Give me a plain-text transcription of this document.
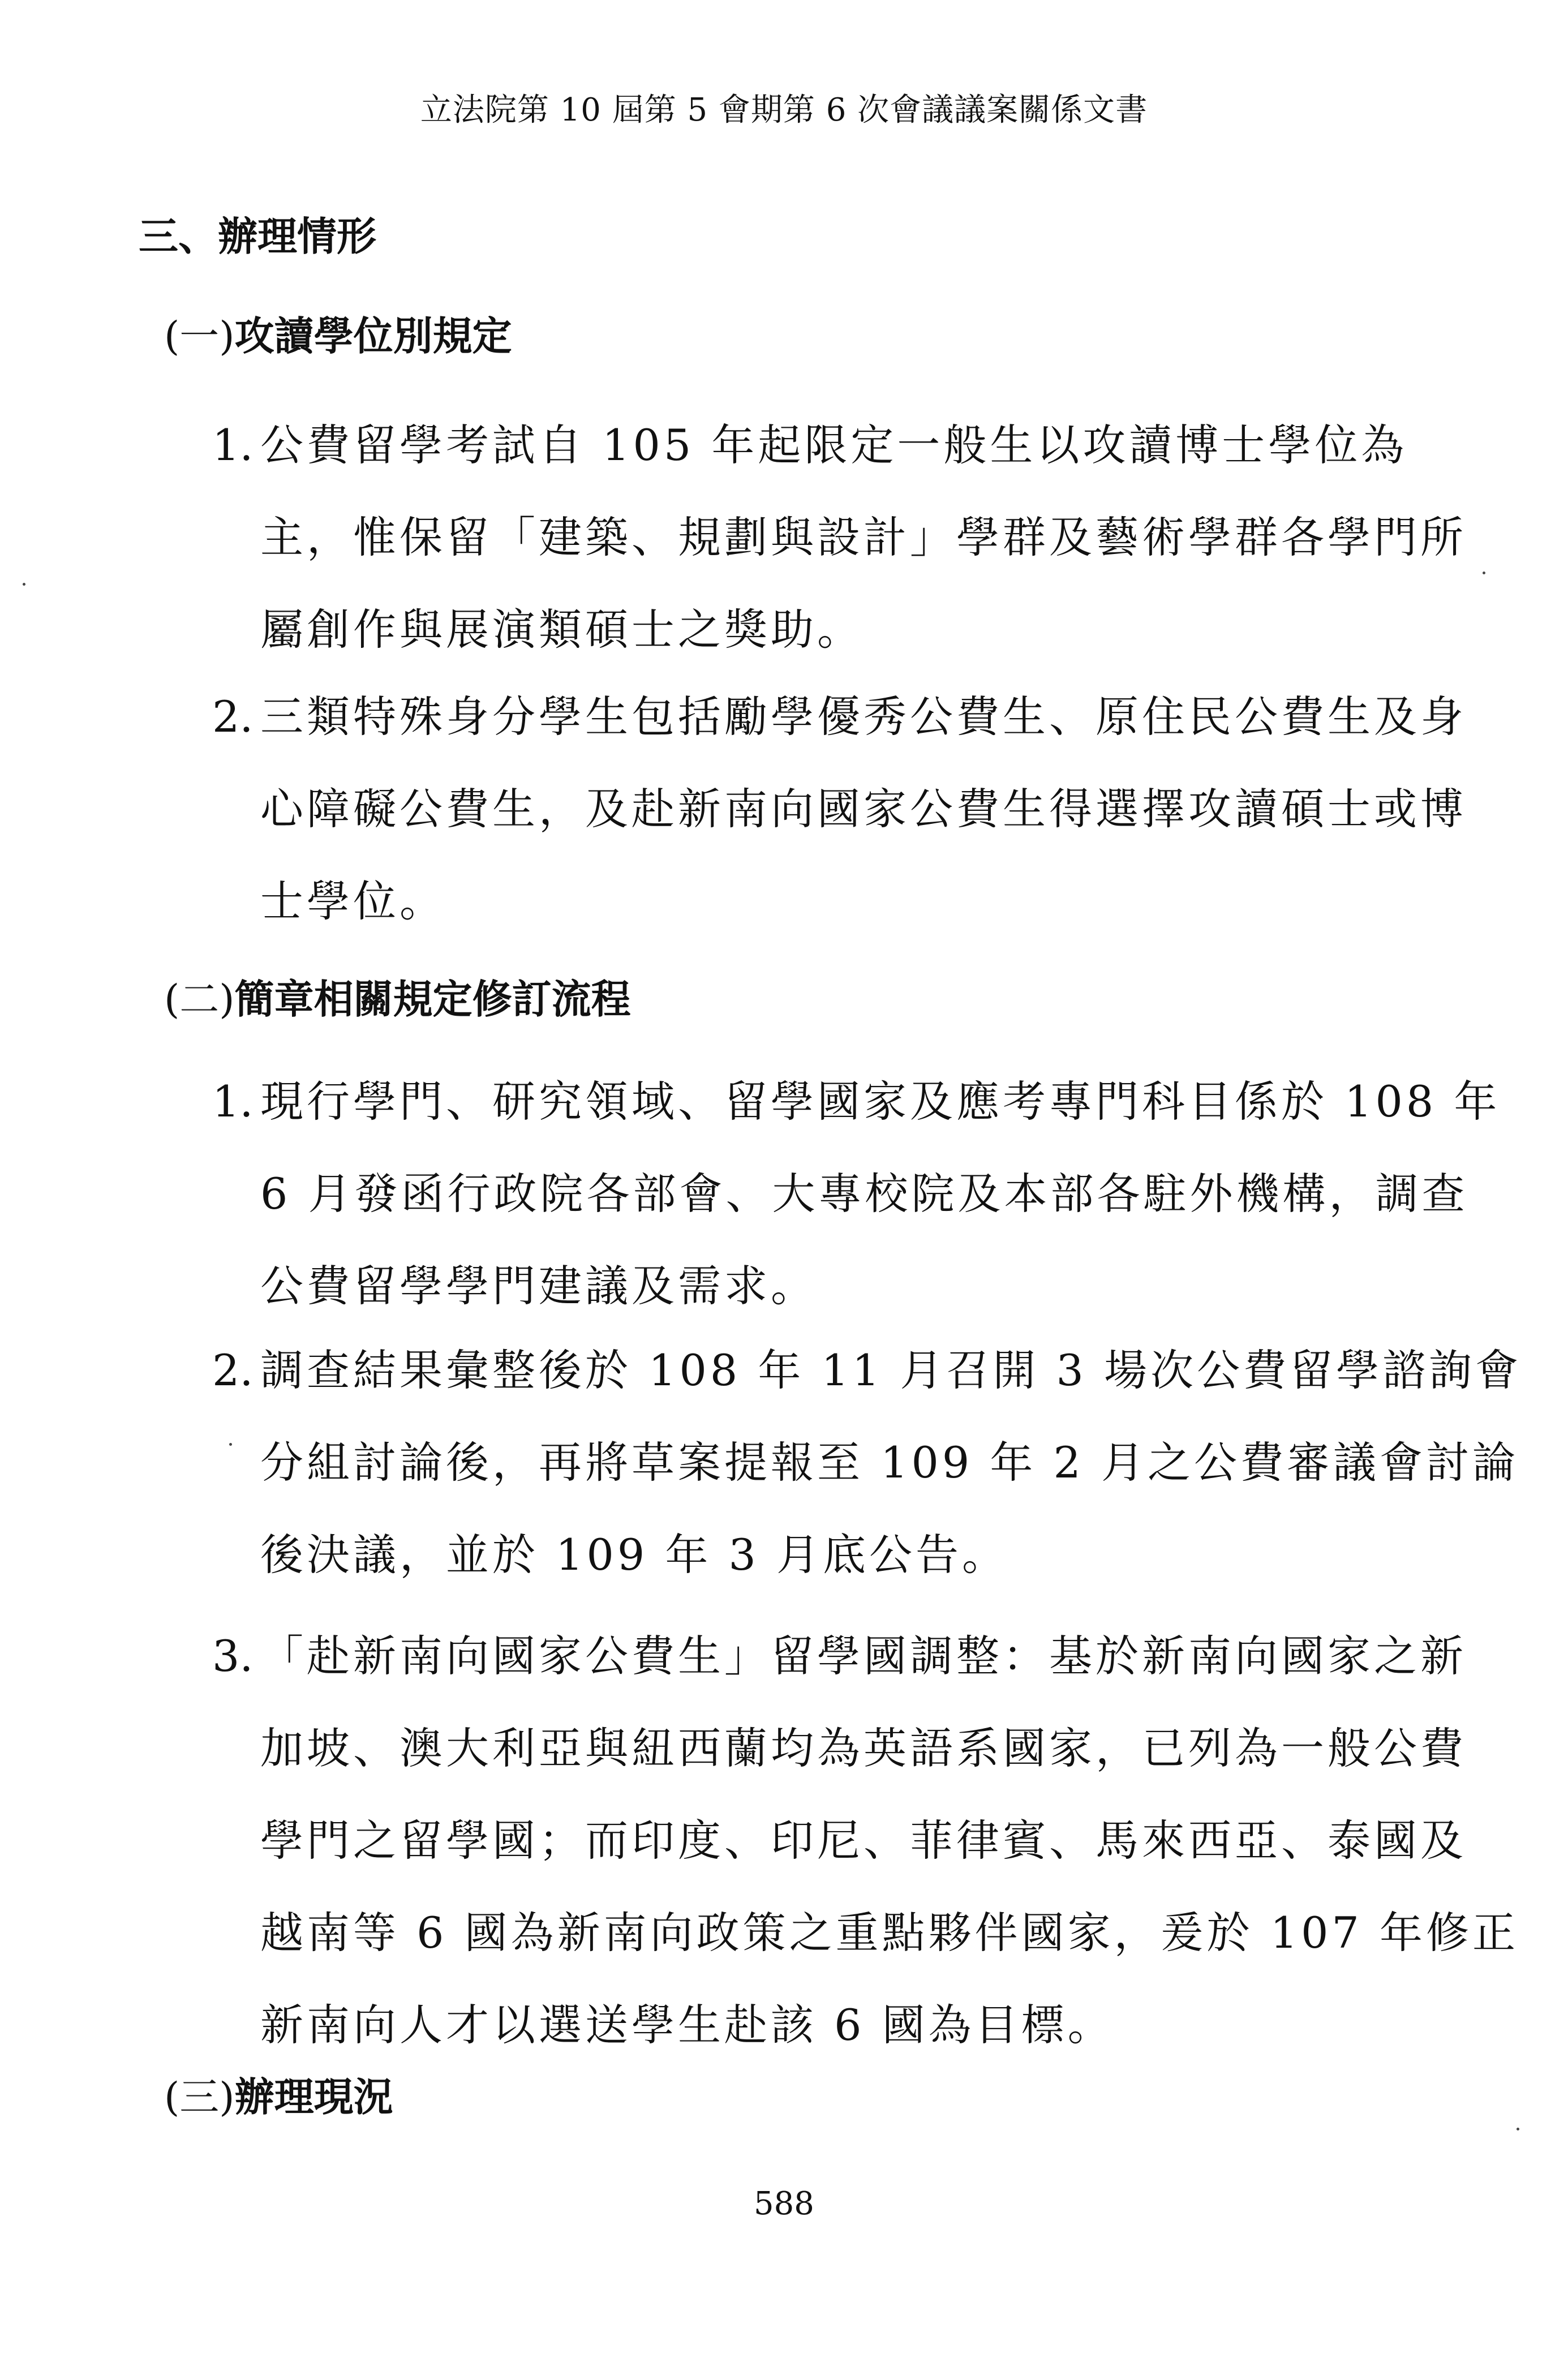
立法院第 10 屆第 5 會期第 6 次會議議案關係文書
三、辦理情形
(一)攻讀學位別規定
1. 公費留學考試自 105 年起限定一般生以攻讀博士學位為
主，惟保留「建築、規劃與設計」學群及藝術學群各學門所
屬創作與展演類碩士之獎助。
2. 三類特殊身分學生包括勵學優秀公費生、原住民公費生及身
心障礙公費生，及赴新南向國家公費生得選擇攻讀碩士或博
士學位。
(二)簡章相關規定修訂流程
1. 現行學門、研究領域、留學國家及應考專門科目係於 108 年
6 月發函行政院各部會、大專校院及本部各駐外機構，調查
公費留學學門建議及需求。
2. 調查結果彙整後於 108 年 11 月召開 3 場次公費留學諮詢會
分組討論後，再將草案提報至 109 年 2 月之公費審議會討論
後決議，並於 109 年 3 月底公告。
3. 「赴新南向國家公費生」留學國調整：基於新南向國家之新
加坡、澳大利亞與紐西蘭均為英語系國家，已列為一般公費
學門之留學國；而印度、印尼、菲律賓、馬來西亞、泰國及
越南等 6 國為新南向政策之重點夥伴國家，爰於 107 年修正
新南向人才以選送學生赴該 6 國為目標。
(三)辦理現況
588
